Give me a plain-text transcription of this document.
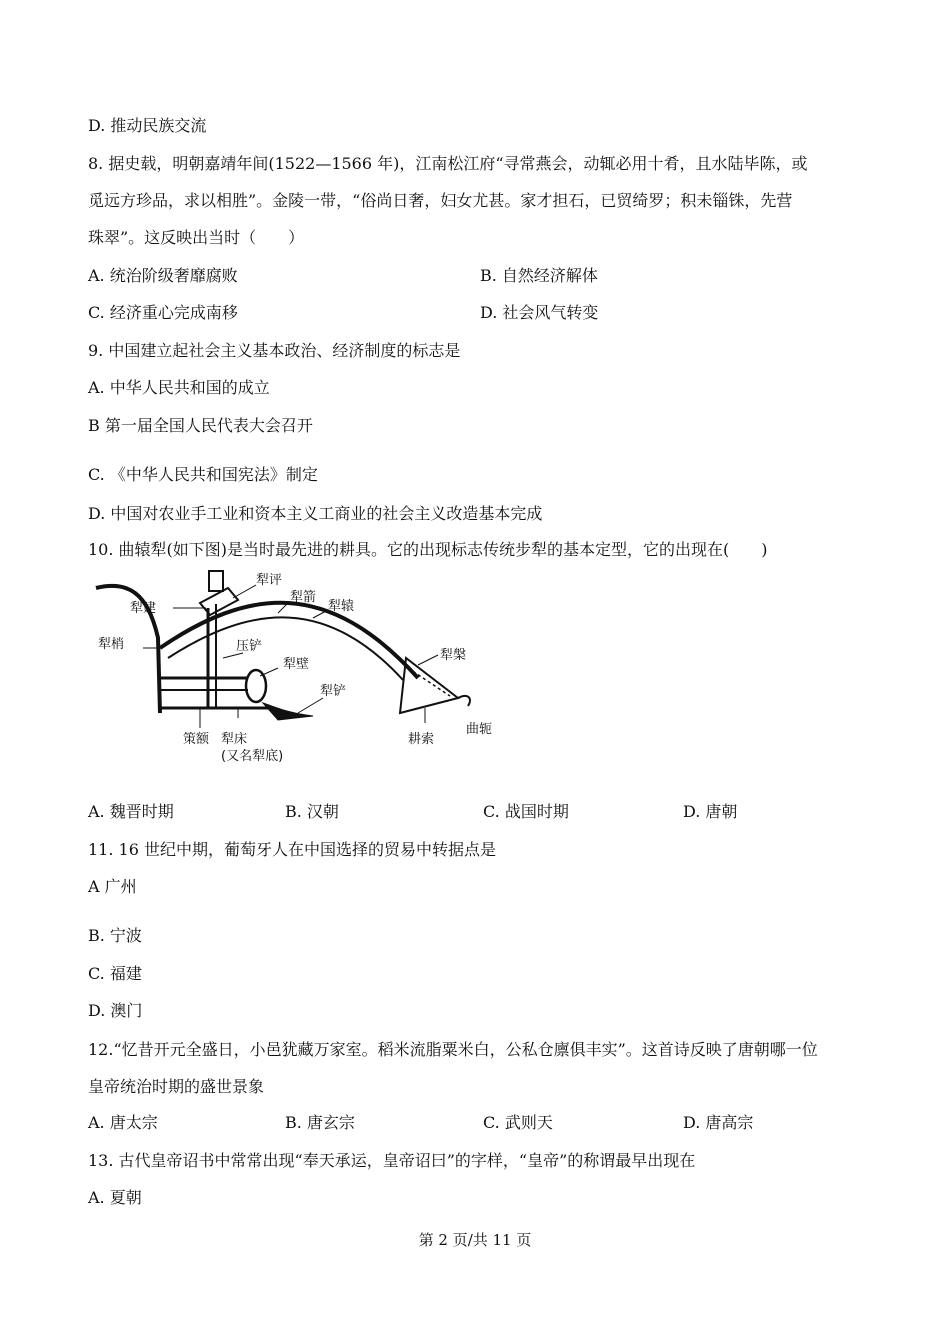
D. 推动民族交流
8. 据史载，明朝嘉靖年间(1522—1566 年)，江南松江府“寻常燕会，动辄必用十肴，且水陆毕陈，或
觅远方珍品，求以相胜”。金陵一带，“俗尚日奢，妇女尤甚。家才担石，已贸绮罗；积未锱铢，先营
珠翠”。这反映出当时（　　）
A. 统治阶级奢靡腐败	B. 自然经济解体
C. 经济重心完成南移	D. 社会风气转变
9. 中国建立起社会主义基本政治、经济制度的标志是
A. 中华人民共和国的成立
B 第一届全国人民代表大会召开
C. 《中华人民共和国宪法》制定
D. 中国对农业手工业和资本主义工商业的社会主义改造基本完成
10. 曲辕犁(如下图)是当时最先进的耕具。它的出现标志传统步犁的基本定型，它的出现在(　　)
犁建
犁评
犁箭
犁辕
犁梢	压铲
犁壁
犁槃
犁铲
曲轭
耕索
策额 犁床
(又名犁底)
A. 魏晋时期	B. 汉朝	C. 战国时期	D. 唐朝
11. 16 世纪中期，葡萄牙人在中国选择的贸易中转据点是
A 广州
B. 宁波
C. 福建
D. 澳门
12.“忆昔开元全盛日，小邑犹藏万家室。稻米流脂粟米白，公私仓廪俱丰实”。这首诗反映了唐朝哪一位
皇帝统治时期的盛世景象
A. 唐太宗	B. 唐玄宗	C. 武则天	D. 唐高宗
13. 古代皇帝诏书中常常出现“奉天承运，皇帝诏曰”的字样，“皇帝”的称谓最早出现在
A. 夏朝
第 2 页/共 11 页
